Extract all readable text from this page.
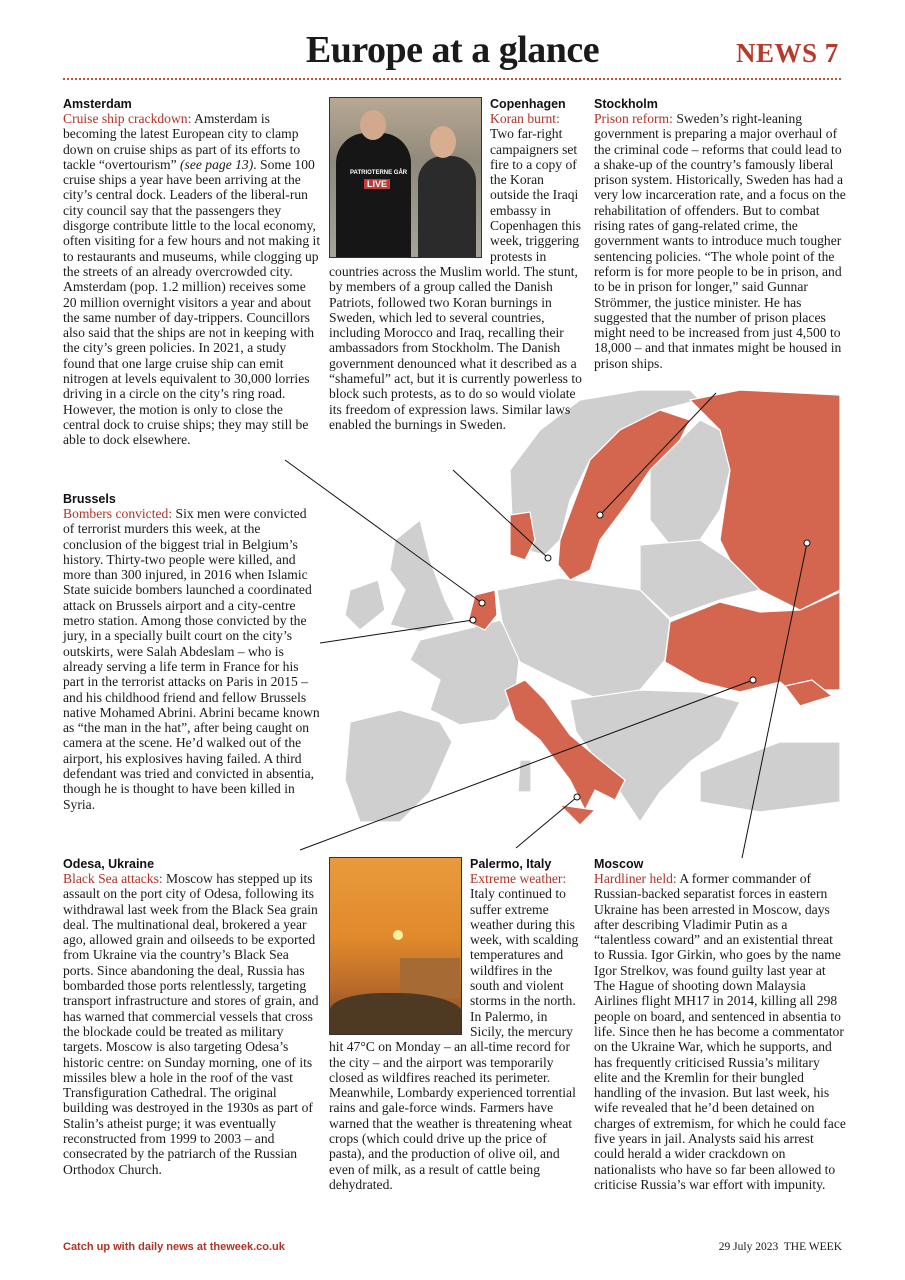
Europe at a glance	NEWS 7
Amsterdam

Cruise ship crackdown: Amsterdam is becoming the latest European city to clamp down on cruise ships as part of its efforts to tackle “overtourism” (see page 13). Some 100 cruise ships a year have been arriving at the city’s central dock. Leaders of the liberal-run city council say that the passengers they disgorge contribute little to the local economy, often visiting for a few hours and not making it to restaurants and museums, while clogging up the streets of an already overcrowded city. Amsterdam (pop. 1.2 million) receives some 20 million overnight visitors a year and about the same number of day-trippers. Councillors also said that the ships are not in keeping with the city’s green policies. In 2021, a study found that one large cruise ship can emit nitrogen at levels equivalent to 30,000 lorries driving in a circle on the city’s ring road. However, the motion is only to close the central dock to cruise ships; they may still be able to dock elsewhere.

PATRIOTERNE GÅR
LIVE
Copenhagen

Koran burnt: Two far-right campaigners set fire to a copy of the Koran outside the Iraqi embassy in Copenhagen this week, triggering protests in countries across the Muslim world. The stunt, by members of a group called the Danish Patriots, followed two Koran burnings in Sweden, which led to several countries, including Morocco and Iraq, recalling their ambassadors from Stockholm. The Danish government denounced what it described as a “shameful” act, but it is currently powerless to block such protests, as to do so would violate its freedom of expression laws. Similar laws enabled the burnings in Sweden.

Stockholm

Prison reform: Sweden’s right-leaning government is preparing a major overhaul of the criminal code – reforms that could lead to a shake-up of the country’s famously liberal prison system. Historically, Sweden has had a very low incarceration rate, and a focus on the rehabilitation of offenders. But to combat rising rates of gang-related crime, the government wants to introduce much tougher sentencing policies. “The whole point of the reform is for more people to be in prison, and to be in prison for longer,” said Gunnar Strömmer, the justice minister. He has suggested that the number of prison places might need to be increased from just 4,500 to 18,000 – and that inmates might be housed in prison ships.

Brussels

Bombers convicted: Six men were convicted of terrorist murders this week, at the conclusion of the biggest trial in Belgium’s history. Thirty-two people were killed, and more than 300 injured, in 2016 when Islamic State suicide bombers launched a coordinated attack on Brussels airport and a city-centre metro station. Among those convicted by the jury, in a specially built court on the city’s outskirts, were Salah Abdeslam – who is already serving a life term in France for his part in the terrorist attacks on Paris in 2015 – and his childhood friend and fellow Brussels native Mohamed Abrini. Abrini became known as “the man in the hat”, after being caught on camera at the scene. He’d walked out of the airport, his explosives having failed. A third defendant was tried and convicted in absentia, though he is thought to have been killed in Syria.

Odesa, Ukraine

Black Sea attacks: Moscow has stepped up its assault on the port city of Odesa, following its withdrawal last week from the Black Sea grain deal. The multinational deal, brokered a year ago, allowed grain and oilseeds to be exported from Ukraine via the country’s Black Sea ports. Since abandoning the deal, Russia has bombarded those ports relentlessly, targeting transport infrastructure and stores of grain, and has warned that commercial vessels that cross the blockade could be treated as military targets. Moscow is also targeting Odesa’s historic centre: on Sunday morning, one of its missiles blew a hole in the roof of the vast Transfiguration Cathedral. The original building was destroyed in the 1930s as part of Stalin’s atheist purge; it was eventually reconstructed from 1999 to 2003 – and consecrated by the patriarch of the Russian Orthodox Church.

Palermo, Italy

Extreme weather: Italy continued to suffer extreme weather during this week, with scalding temperatures and wildfires in the south and violent storms in the north. In Palermo, in Sicily, the mercury hit 47°C on Monday – an all-time record for the city – and the airport was temporarily closed as wildfires reached its perimeter. Meanwhile, Lombardy experienced torrential rains and gale-force winds. Farmers have warned that the weather is threatening wheat crops (which could drive up the price of pasta), and the production of olive oil, and even of milk, as a result of cattle being dehydrated.

Moscow

Hardliner held: A former commander of Russian-backed separatist forces in eastern Ukraine has been arrested in Moscow, days after describing Vladimir Putin as a “talentless coward” and an existential threat to Russia. Igor Girkin, who goes by the name Igor Strelkov, was found guilty last year at The Hague of shooting down Malaysia Airlines flight MH17 in 2014, killing all 298 people on board, and sentenced in absentia to life. Since then he has become a commentator on the Ukraine War, which he supports, and has frequently criticised Russia’s military elite and the Kremlin for their bungled handling of the invasion. But last week, his wife revealed that he’d been detained on charges of extremism, for which he could face five years in jail. Analysts said his arrest could herald a wider crackdown on nationalists who have so far been allowed to criticise Russia’s war effort with impunity.

Catch up with daily news at theweek.co.uk	29 July 2023 THE WEEK
